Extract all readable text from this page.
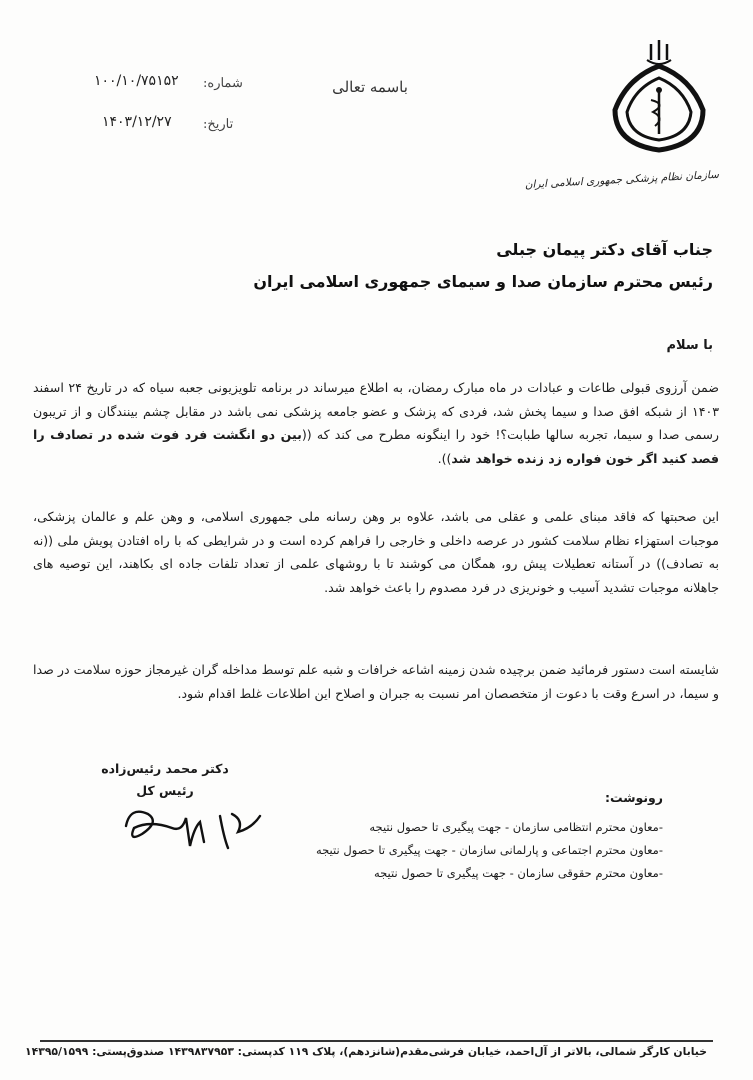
سازمان نظام پزشکی جمهوری اسلامی ایران
باسمه تعالی
شماره:
۱۰۰/۱۰/۷۵۱۵۲
تاریخ:
۱۴۰۳/۱۲/۲۷
جناب آقای دکتر پیمان جبلی
رئیس محترم سازمان صدا و سیمای جمهوری اسلامی ایران
با سلام
ضمن آرزوی قبولی طاعات و عبادات در ماه مبارک رمضان، به اطلاع میرساند در برنامه تلویزیونی جعبه سیاه که در تاریخ ۲۴ اسفند ۱۴۰۳ از شبکه افق صدا و سیما پخش شد، فردی که پزشک و عضو جامعه پزشکی نمی باشد در مقابل چشم بینندگان و از تریبون رسمی صدا و سیما، تجربه سالها طبابت؟! خود را اینگونه مطرح می کند که ((بین دو انگشت فرد فوت شده در تصادف را فصد کنید اگر خون فواره زد زنده خواهد شد)).
این صحبتها که فاقد مبنای علمی و عقلی می باشد، علاوه بر وهن رسانه ملی جمهوری اسلامی، و وهن علم و عالمان پزشکی، موجبات استهزاء نظام سلامت کشور در عرصه داخلی و خارجی را فراهم کرده است و در شرایطی که با راه افتادن پویش ملی ((نه به تصادف)) در آستانه تعطیلات پیش رو، همگان می کوشند تا با روشهای علمی از تعداد تلفات جاده ای بکاهند، این توصیه های جاهلانه موجبات تشدید آسیب و خونریزی در فرد مصدوم را باعث خواهد شد.
شایسته است دستور فرمائید ضمن برچیده شدن زمینه اشاعه خرافات و شبه علم توسط مداخله گران غیرمجاز حوزه سلامت در صدا و سیما، در اسرع وقت با دعوت از متخصصان امر نسبت به جبران و اصلاح این اطلاعات غلط اقدام شود.
دکتر محمد رئیس‌زاده
رئیس کل	رونوشت:
-معاون محترم انتظامی سازمان - جهت پیگیری تا حصول نتیجه
-معاون محترم اجتماعی و پارلمانی سازمان - جهت پیگیری تا حصول نتیجه
-معاون محترم حقوقی سازمان - جهت پیگیری تا حصول نتیجه
خیابان کارگر شمالی، بالاتر از آل‌احمد، خیابان فرشی‌مقدم(شانزدهم)، پلاک ۱۱۹ کدپستی: ۱۴۳۹۸۳۷۹۵۳ صندوق‌پستی: ۱۴۳۹۵/۱۵۹۹
